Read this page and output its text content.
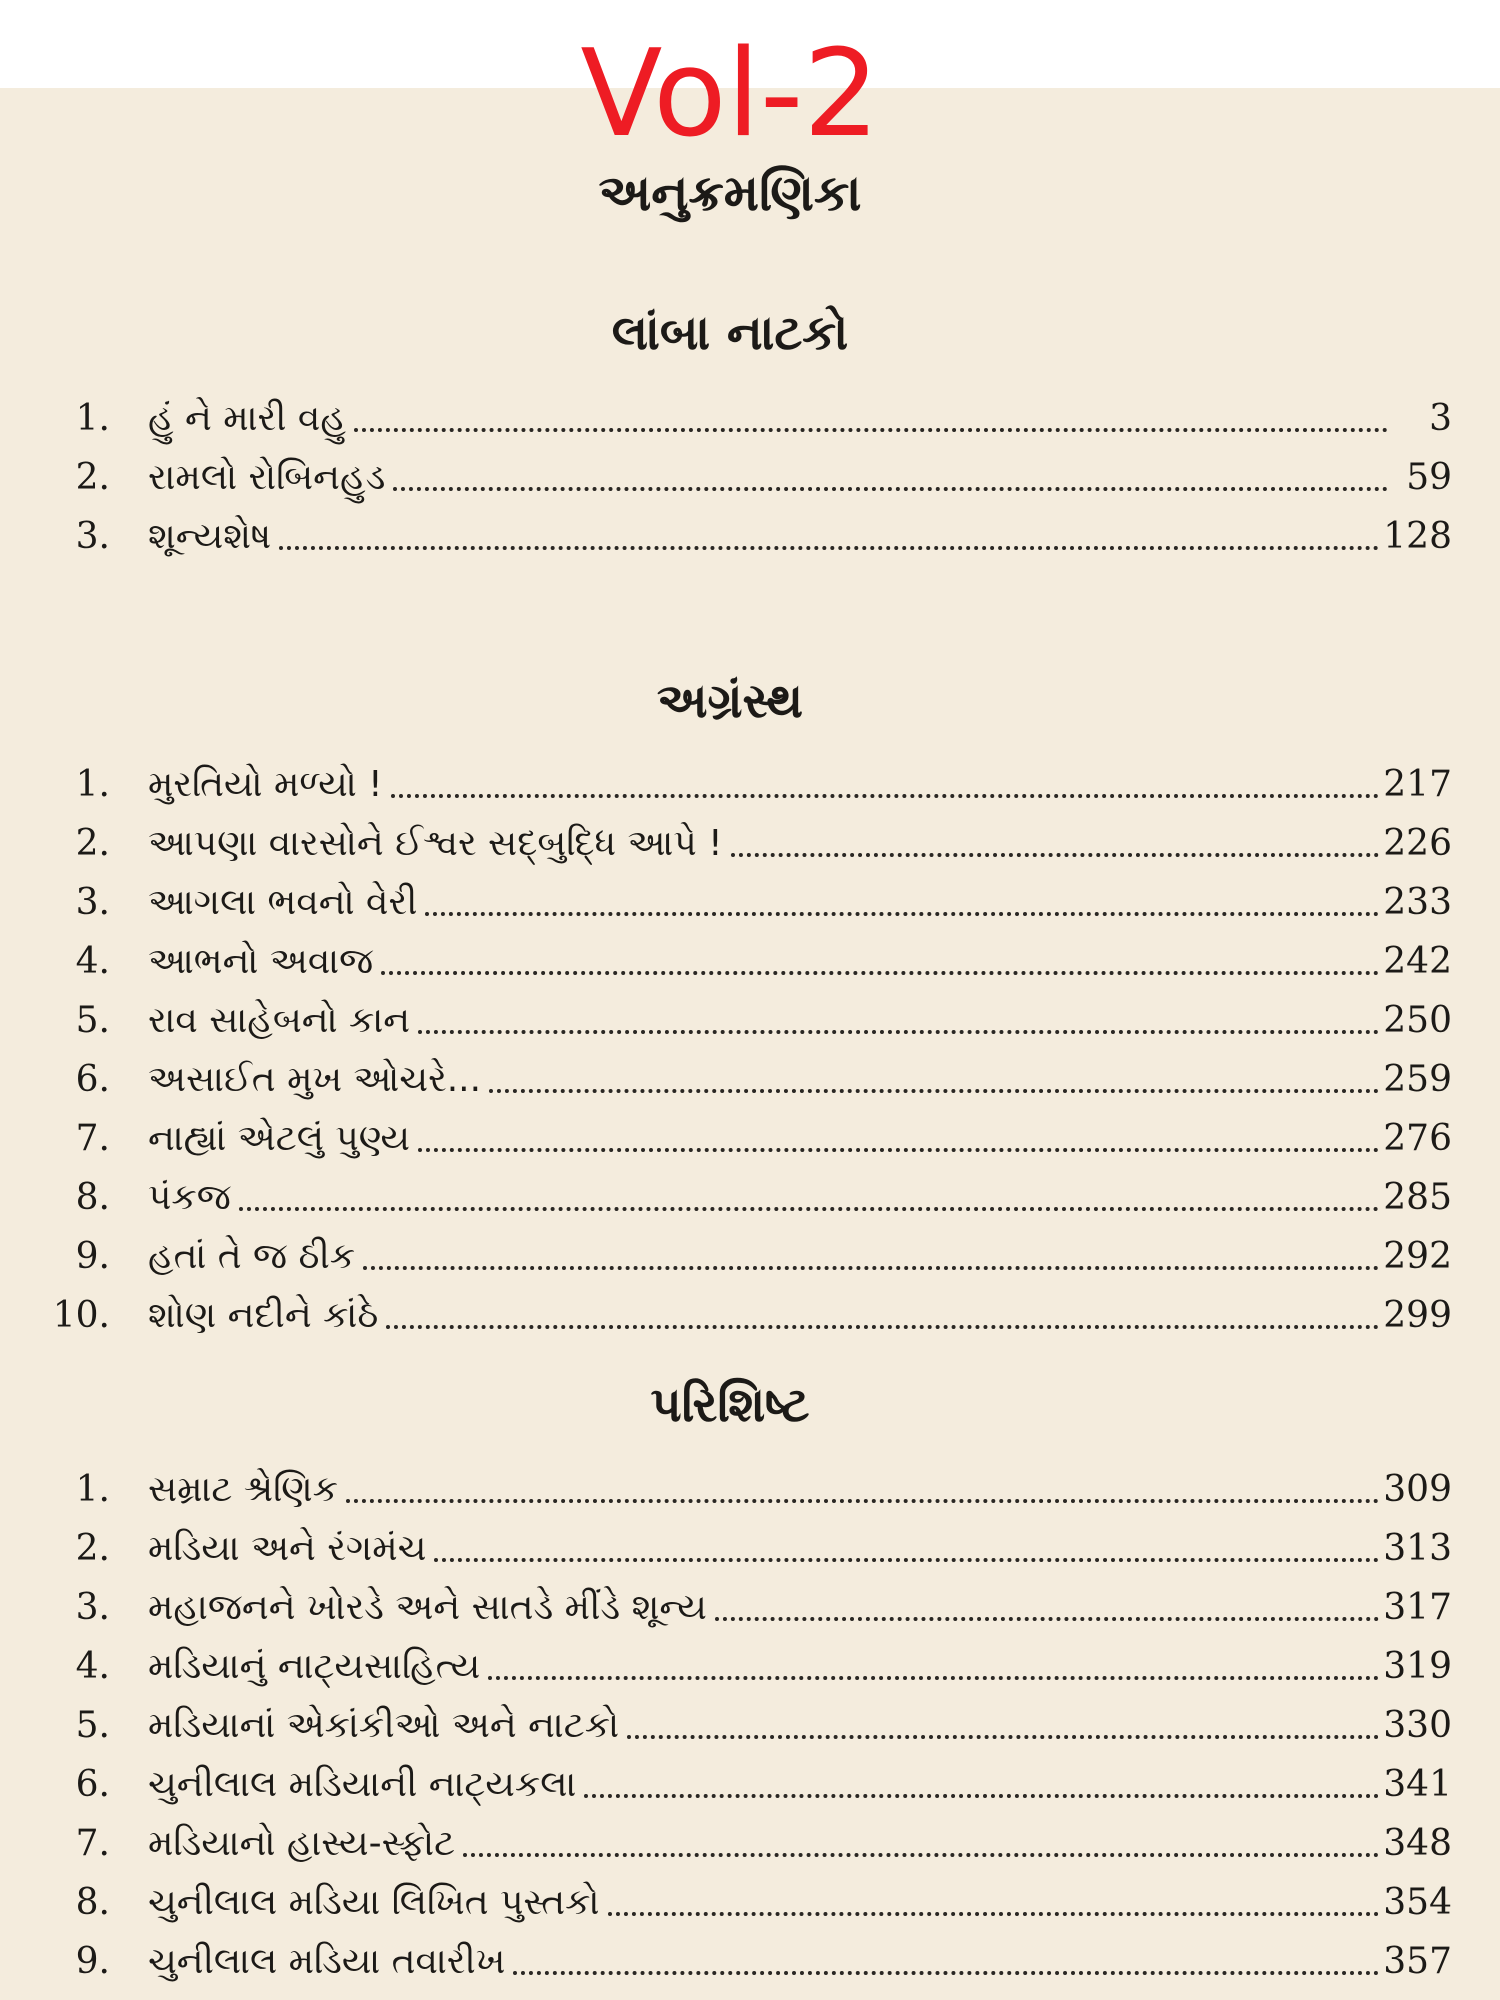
Vol-2
અનુક્રમણિકા
લાંબા નાટકો
1.	હું ને મારી વહુ	3
2.	રામલો રોબિનહુડ	59
3.	શૂન્યશેષ	128
અગ્રંસ્થ
1.	મુરતિયો મળ્યો !	217
2.	આપણા વારસોને ઈશ્વર સદ્બુદ્ધિ આપે !	226
3.	આગલા ભવનો વેરી	233
4.	આભનો અવાજ	242
5.	રાવ સાહેબનો કાન	250
6.	અસાઈત મુખ ઓચરે...	259
7.	નાહ્યાં એટલું પુણ્ય	276
8.	પંકજ	285
9.	હતાં તે જ ઠીક	292
10.	શોણ નદીને કાંઠે	299
પરિશિષ્ટ
1.	સમ્રાટ શ્રેણિક	309
2.	મડિયા અને રંગમંચ	313
3.	મહાજનને ખોરડે અને સાતડે મીંડે શૂન્ય	317
4.	મડિયાનું નાટ્યસાહિત્ય	319
5.	મડિયાનાં એકાંકીઓ અને નાટકો	330
6.	ચુનીલાલ મડિયાની નાટ્યકલા	341
7.	મડિયાનો હાસ્ય-સ્ફોટ	348
8.	ચુનીલાલ મડિયા લિખિત પુસ્તકો	354
9.	ચુનીલાલ મડિયા તવારીખ	357
